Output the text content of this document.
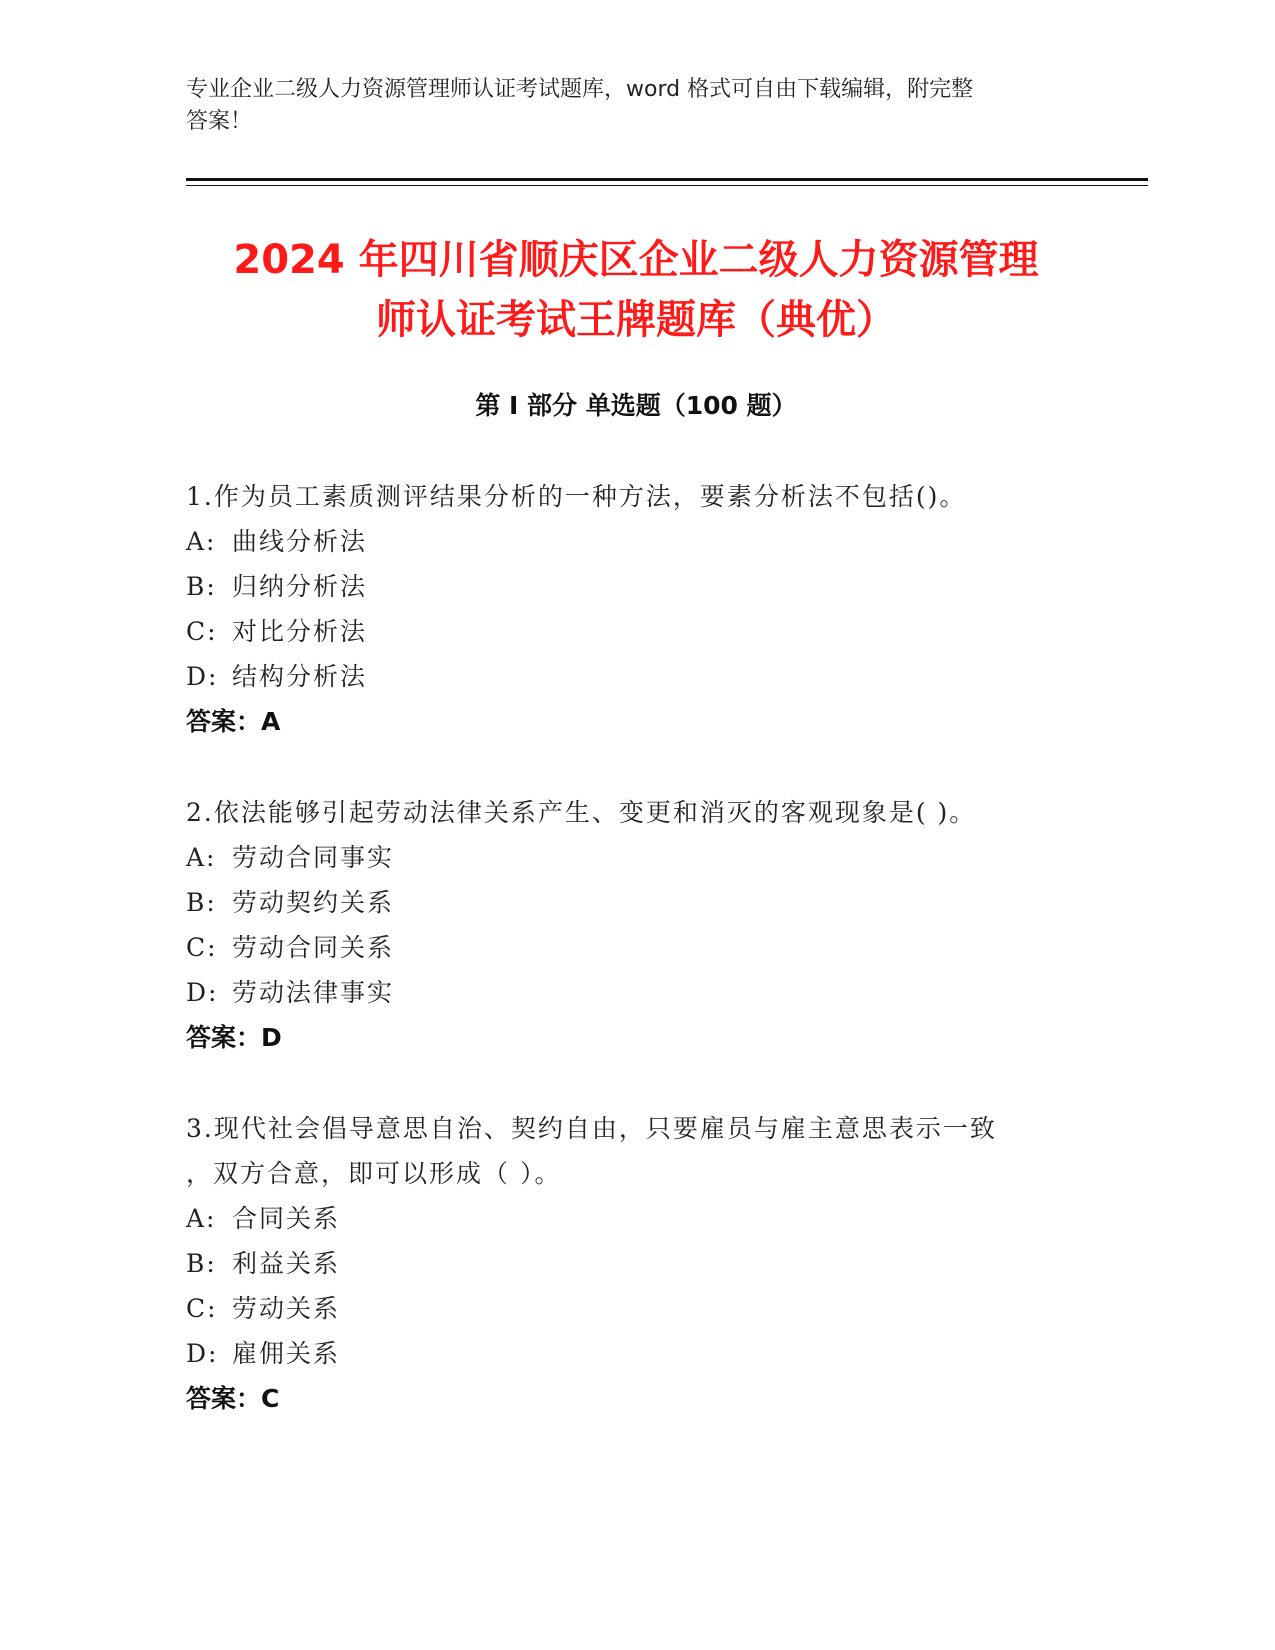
专业企业二级人力资源管理师认证考试题库，word 格式可自由下载编辑，附完整
答案！
2024 年四川省顺庆区企业二级人力资源管理
师认证考试王牌题库（典优）
第 I 部分 单选题（100 题）
1.作为员工素质测评结果分析的一种方法，要素分析法不包括()。
A: 曲线分析法
B: 归纳分析法
C: 对比分析法
D: 结构分析法
答案：A
2.依法能够引起劳动法律关系产生、变更和消灭的客观现象是( )。
A: 劳动合同事实
B: 劳动契约关系
C: 劳动合同关系
D: 劳动法律事实
答案：D
3.现代社会倡导意思自治、契约自由，只要雇员与雇主意思表示一致
，双方合意，即可以形成（ ）。
A: 合同关系
B: 利益关系
C: 劳动关系
D: 雇佣关系
答案：C
